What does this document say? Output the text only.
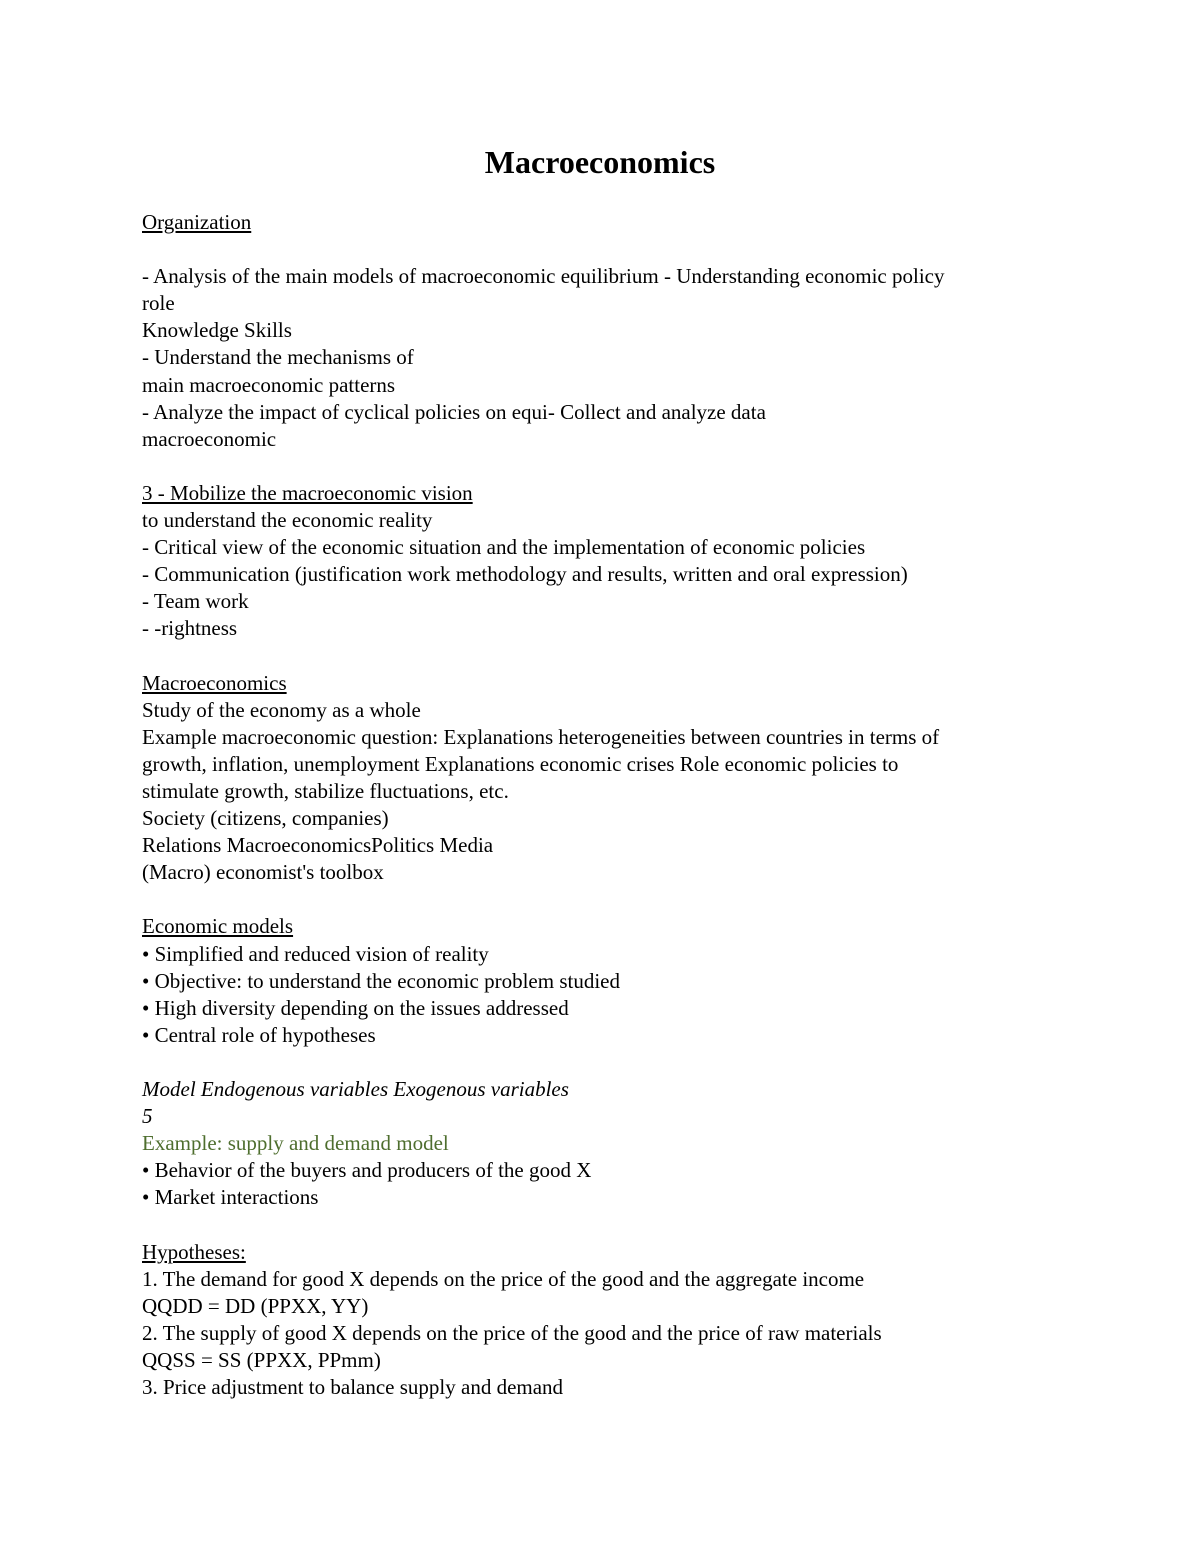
Macroeconomics
Organization
- Analysis of the main models of macroeconomic equilibrium - Understanding economic policy
role
Knowledge Skills
- Understand the mechanisms of
main macroeconomic patterns
- Analyze the impact of cyclical policies on equi- Collect and analyze data
macroeconomic
3 - Mobilize the macroeconomic vision
to understand the economic reality
- Critical view of the economic situation and the implementation of economic policies
- Communication (justification work methodology and results, written and oral expression)
- Team work
- -rightness
Macroeconomics
Study of the economy as a whole
Example macroeconomic question: Explanations heterogeneities between countries in terms of
growth, inflation, unemployment Explanations economic crises Role economic policies to
stimulate growth, stabilize fluctuations, etc.
Society (citizens, companies)
Relations MacroeconomicsPolitics Media
(Macro) economist's toolbox
Economic models
• Simplified and reduced vision of reality
• Objective: to understand the economic problem studied
• High diversity depending on the issues addressed
• Central role of hypotheses
Model Endogenous variables Exogenous variables
5
Example: supply and demand model
• Behavior of the buyers and producers of the good X
• Market interactions
Hypotheses:
1. The demand for good X depends on the price of the good and the aggregate income
QQDD = DD (PPXX, YY)
2. The supply of good X depends on the price of the good and the price of raw materials
QQSS = SS (PPXX, PPmm)
3. Price adjustment to balance supply and demand
